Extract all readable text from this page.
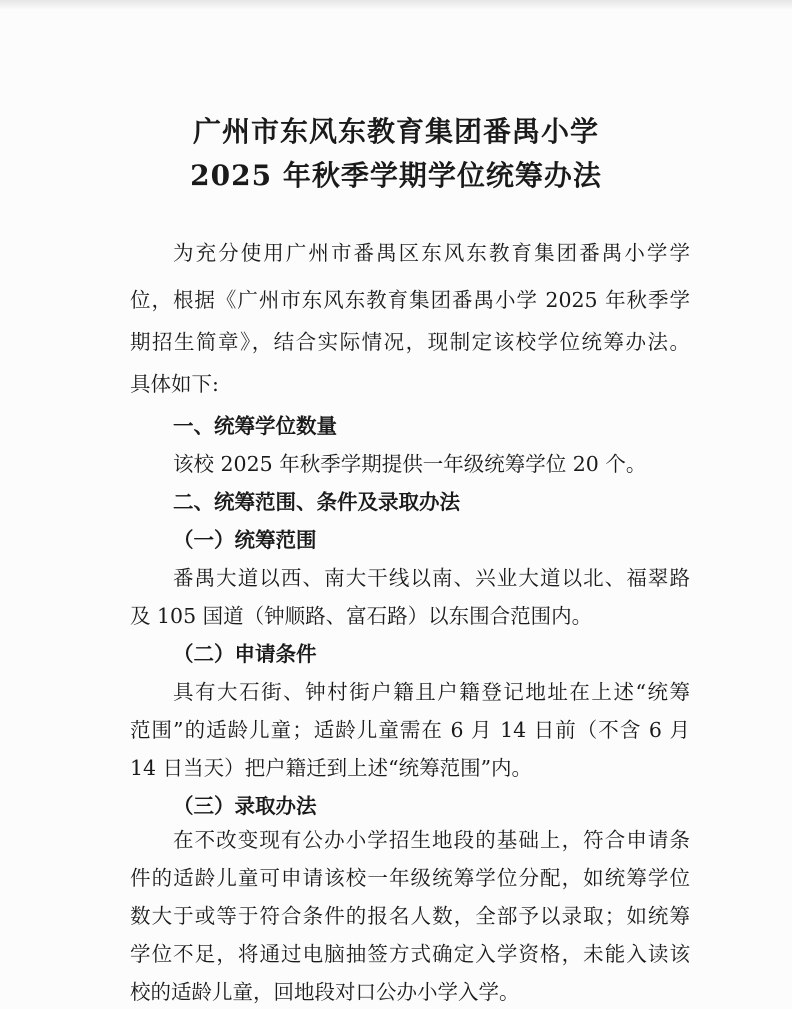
广州市东风东教育集团番禺小学
2025 年秋季学期学位统筹办法
为充分使用广州市番禺区东风东教育集团番禺小学学
位，根据《广州市东风东教育集团番禺小学 2025 年秋季学
期招生简章》，结合实际情况，现制定该校学位统筹办法。
具体如下:
一、统筹学位数量
该校 2025 年秋季学期提供一年级统筹学位 20 个。
二、统筹范围、条件及录取办法
（一）统筹范围
番禺大道以西、南大干线以南、兴业大道以北、福翠路
及 105 国道（钟顺路、富石路）以东围合范围内。
（二）申请条件
具有大石街、钟村街户籍且户籍登记地址在上述“统筹
范围”的适龄儿童；适龄儿童需在 6 月 14 日前（不含 6 月
14 日当天）把户籍迁到上述“统筹范围”内。
（三）录取办法
在不改变现有公办小学招生地段的基础上，符合申请条
件的适龄儿童可申请该校一年级统筹学位分配，如统筹学位
数大于或等于符合条件的报名人数，全部予以录取；如统筹
学位不足，将通过电脑抽签方式确定入学资格，未能入读该
校的适龄儿童，回地段对口公办小学入学。
